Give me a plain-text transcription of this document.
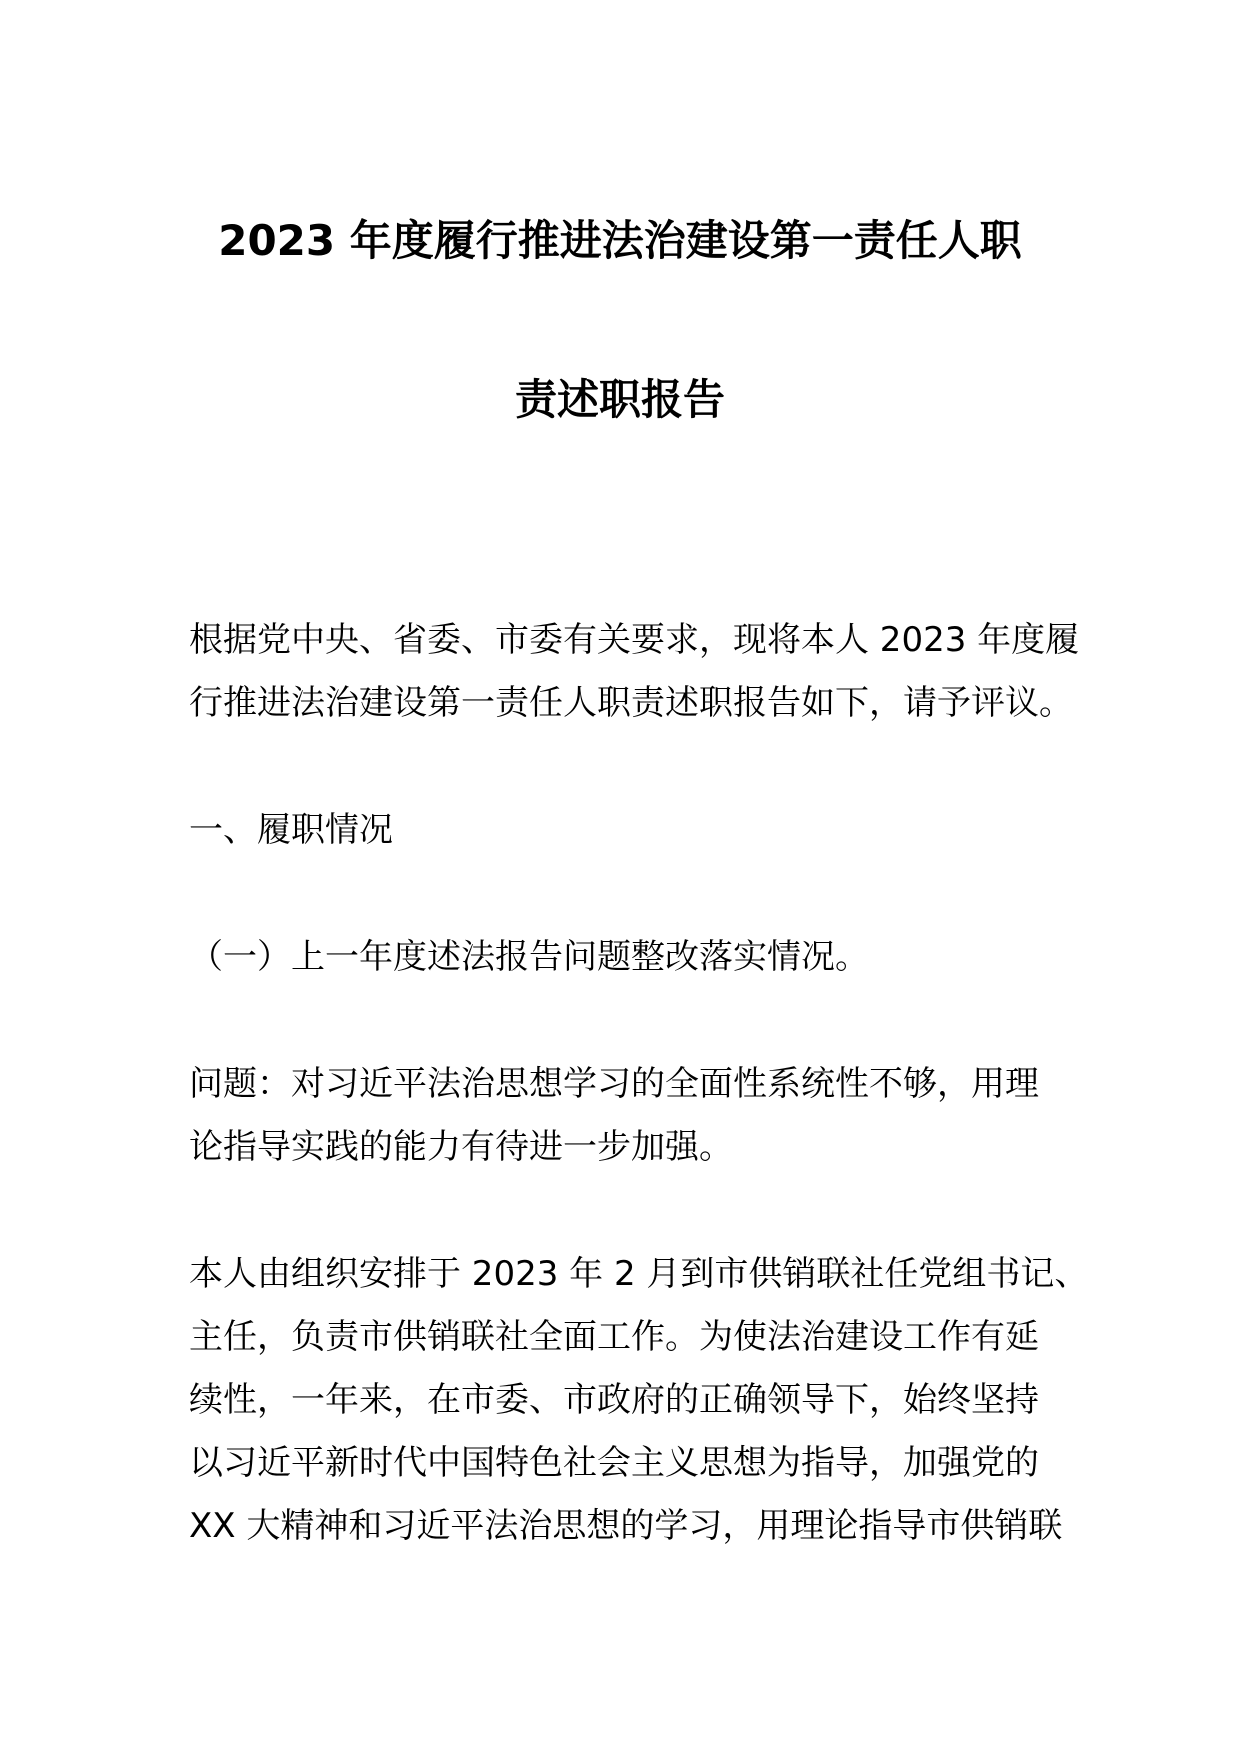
2023 年度履行推进法治建设第一责任人职
责述职报告
根据党中央、省委、市委有关要求，现将本人 2023 年度履
行推进法治建设第一责任人职责述职报告如下，请予评议。
一、履职情况
（一）上一年度述法报告问题整改落实情况。
问题：对习近平法治思想学习的全面性系统性不够，用理
论指导实践的能力有待进一步加强。
本人由组织安排于 2023 年 2 月到市供销联社任党组书记、
主任，负责市供销联社全面工作。为使法治建设工作有延
续性，一年来，在市委、市政府的正确领导下，始终坚持
以习近平新时代中国特色社会主义思想为指导，加强党的
XX 大精神和习近平法治思想的学习，用理论指导市供销联
